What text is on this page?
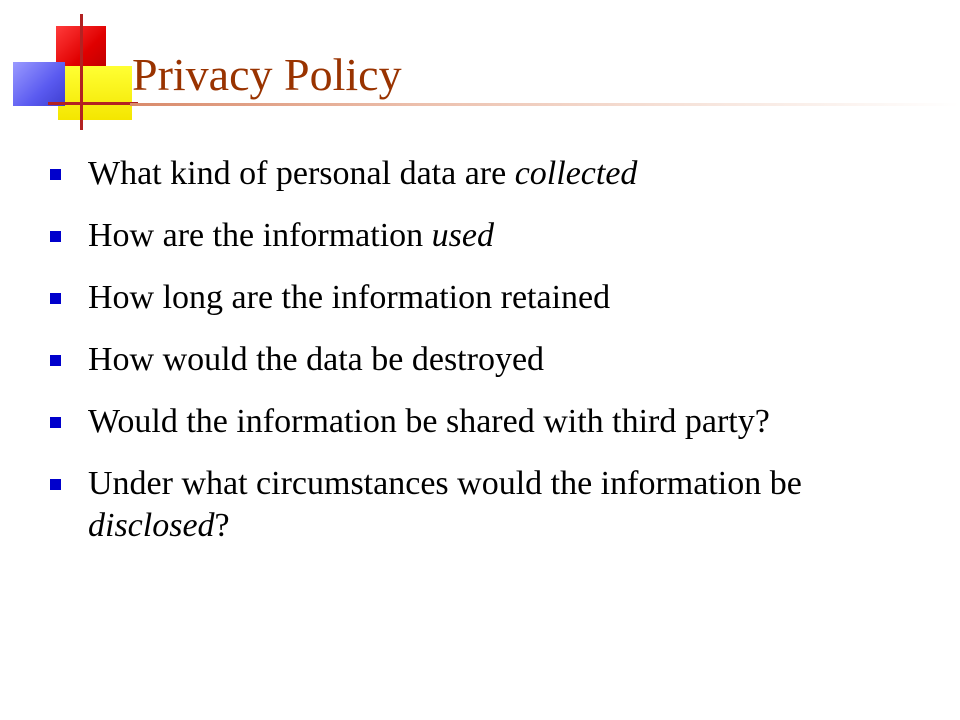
Privacy Policy
What kind of personal data are collected
How are the information used
How long are the information retained
How would the data be destroyed
Would the information be shared with third party?
Under what circumstances would the information be disclosed?
